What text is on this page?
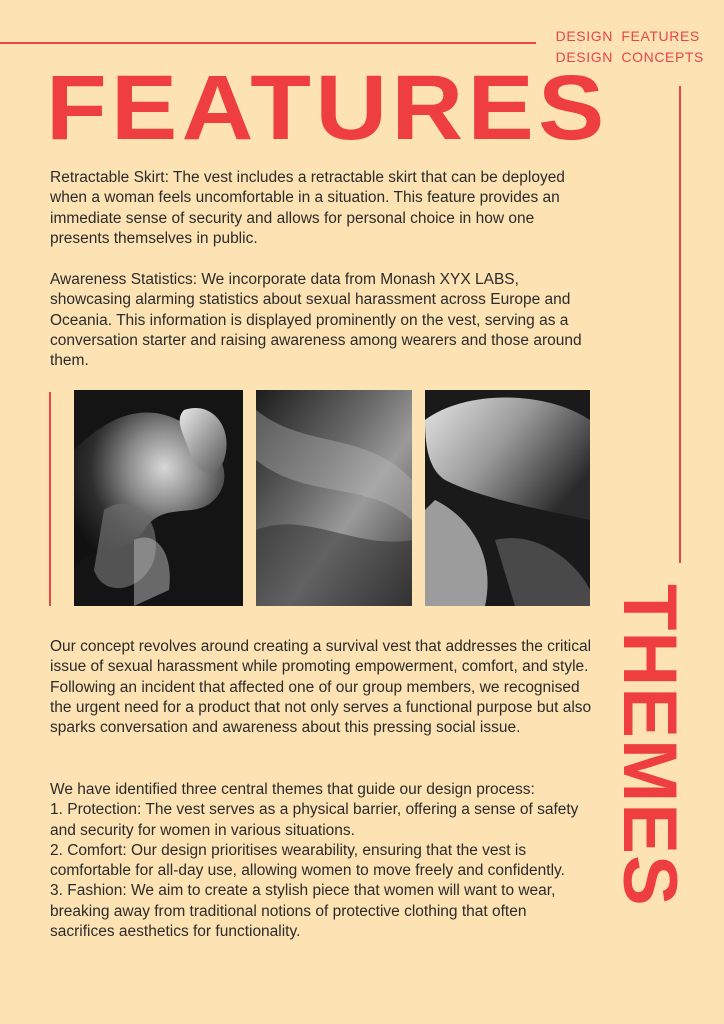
DESIGN FEATURES
DESIGN CONCEPTS
FEATURES

Retractable Skirt: The vest includes a retractable skirt that can be deployed when a woman feels uncomfortable in a situation. This feature provides an immediate sense of security and allows for personal choice in how one presents themselves in public.

Awareness Statistics: We incorporate data from Monash XYX LABS, showcasing alarming statistics about sexual harassment across Europe and Oceania. This information is displayed prominently on the vest, serving as a conversation starter and raising awareness among wearers and those around them.

Our concept revolves around creating a survival vest that addresses the critical issue of sexual harassment while promoting empowerment, comfort, and style. Following an incident that affected one of our group members, we recognised the urgent need for a product that not only serves a functional purpose but also sparks conversation and awareness about this pressing social issue.

We have identified three central themes that guide our design process:
1. Protection: The vest serves as a physical barrier, offering a sense of safety and security for women in various situations.
2. Comfort: Our design prioritises wearability, ensuring that the vest is comfortable for all-day use, allowing women to move freely and confidently.
3. Fashion: We aim to create a stylish piece that women will want to wear, breaking away from traditional notions of protective clothing that often sacrifices aesthetics for functionality.
THEMES
